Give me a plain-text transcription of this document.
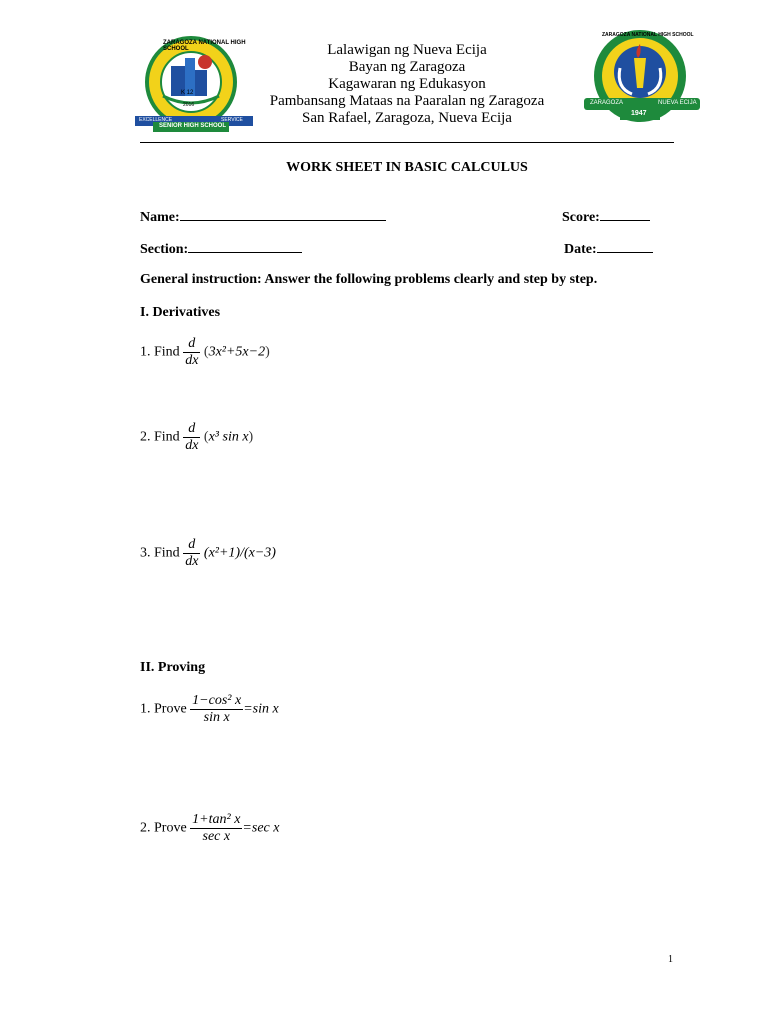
ZARAGOZA NATIONAL HIGH SCHOOL
K 12
2016
EXCELLENCE	SERVICE
SENIOR HIGH SCHOOL
Lalawigan ng Nueva Ecija
Bayan ng Zaragoza
Kagawaran ng Edukasyon
Pambansang Mataas na Paaralan ng Zaragoza
San Rafael, Zaragoza, Nueva Ecija
ZARAGOZA NATIONAL HIGH SCHOOL
ZARAGOZA	NUEVA ECIJA
1947
WORK SHEET IN BASIC CALCULUS
Name:	Score:
Section:	Date:
General instruction: Answer the following problems clearly and step by step.
I. Derivatives
1. Find $\frac{d}{dx} (3x^2+5x-2)$
2. Find $\frac{d}{dx} (x^3$ sin x)
3. Find $\frac{d}{dx} (x^2+1)/(x-3)$
II. Proving
1. Prove $\frac{\text{1−cos² x}}{\text{sin x}} =\sin$ x
2. Prove $\frac{\text{1+tan² x}}{\text{sec x}} =\sec$ x
1
